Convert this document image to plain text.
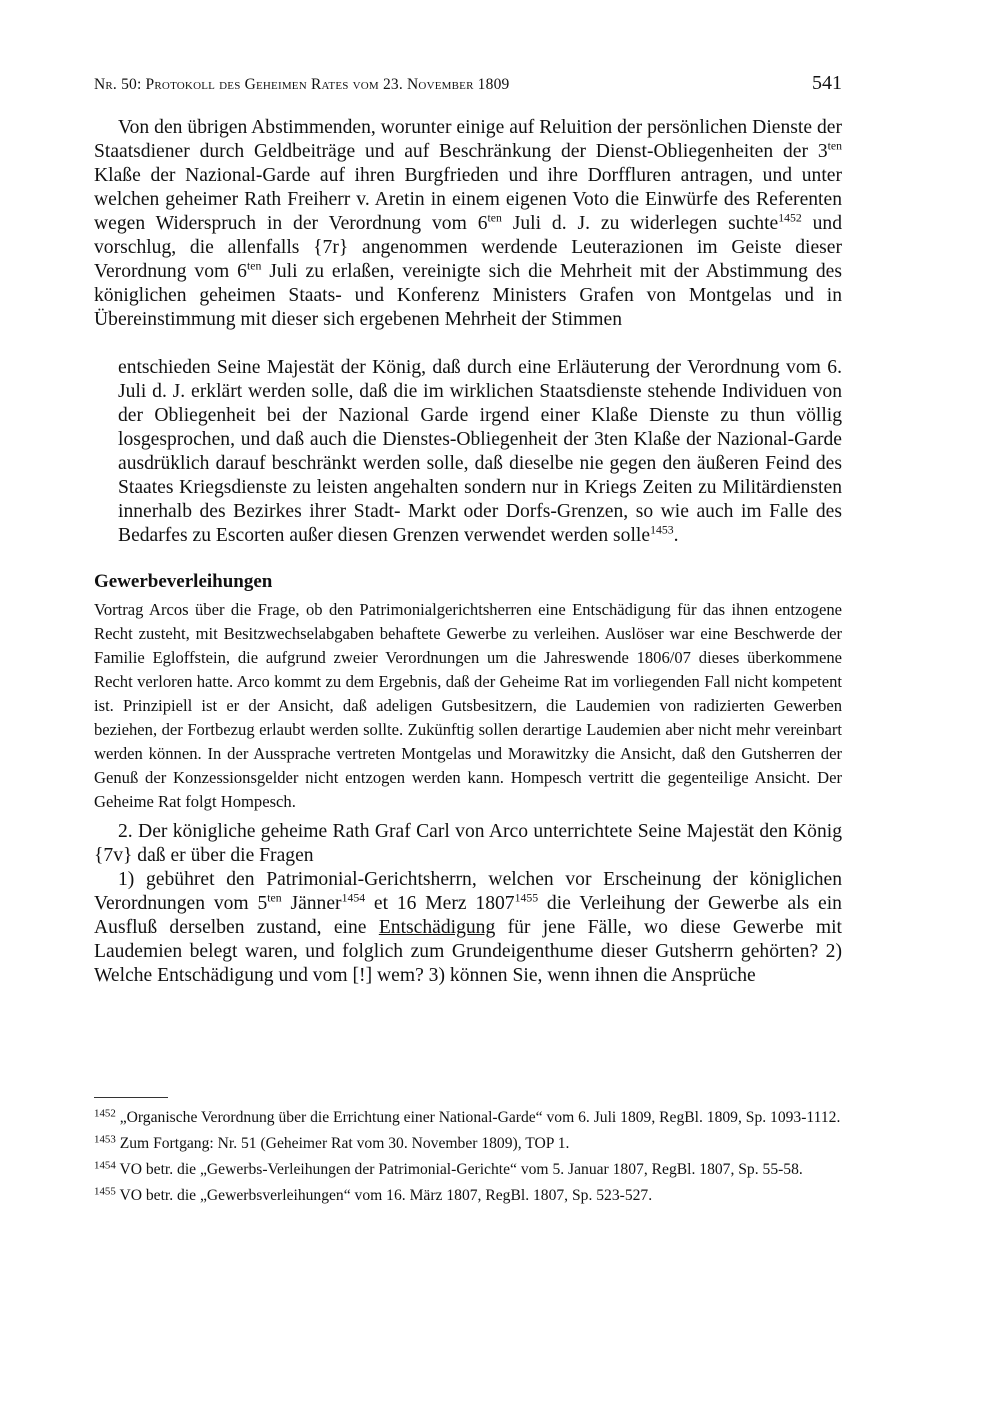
Nr. 50: Protokoll des Geheimen Rates vom 23. November 1809	541

Von den übrigen Abstimmenden, worunter einige auf Reluition der persönlichen Dienste der Staatsdiener durch Geldbeiträge und auf Beschränkung der Dienst-Obliegenheiten der $3^{ten}$ Klaße der Nazional-Garde auf ihren Burgfrieden und ihre Dorffluren antragen, und unter welchen geheimer Rath Freiherr v. Aretin in einem eigenen Voto die Einwürfe des Referenten wegen Widerspruch in der Verordnung vom $6^{ten}$ Juli d. J. zu widerlegen suchte$^{1452}$ und vorschlug, die allenfalls {7r} angenommen werdende Leuterazionen im Geiste dieser Verordnung vom $6^{ten}$ Juli zu erlaßen, vereinigte sich die Mehrheit mit der Abstimmung des königlichen geheimen Staats- und Konferenz Ministers Grafen von Montgelas und in Übereinstimmung mit dieser sich ergebenen Mehrheit der Stimmen

entschieden Seine Majestät der König, daß durch eine Erläuterung der Verordnung vom 6. Juli d. J. erklärt werden solle, daß die im wirklichen Staatsdienste stehende Individuen von der Obliegenheit bei der Nazional Garde irgend einer Klaße Dienste zu thun völlig losgesprochen, und daß auch die Dienstes-Obliegenheit der 3ten Klaße der Nazional-Garde ausdrüklich darauf beschränkt werden solle, daß dieselbe nie gegen den äußeren Feind des Staates Kriegsdienste zu leisten angehalten sondern nur in Kriegs Zeiten zu Militärdiensten innerhalb des Bezirkes ihrer Stadt- Markt oder Dorfs-Grenzen, so wie auch im Falle des Bedarfes zu Escorten außer diesen Grenzen verwendet werden solle$^{1453}$.

Gewerbeverleihungen

Vortrag Arcos über die Frage, ob den Patrimonialgerichtsherren eine Entschädigung für das ihnen entzogene Recht zusteht, mit Besitzwechselabgaben behaftete Gewerbe zu verleihen. Auslöser war eine Beschwerde der Familie Egloffstein, die aufgrund zweier Verordnungen um die Jahreswende 1806/07 dieses überkommene Recht verloren hatte. Arco kommt zu dem Ergebnis, daß der Geheime Rat im vorliegenden Fall nicht kompetent ist. Prinzipiell ist er der Ansicht, daß adeligen Gutsbesitzern, die Laudemien von radizierten Gewerben beziehen, der Fortbezug erlaubt werden sollte. Zukünftig sollen derartige Laudemien aber nicht mehr vereinbart werden können. In der Aussprache vertreten Montgelas und Morawitzky die Ansicht, daß den Gutsherren der Genuß der Konzessionsgelder nicht entzogen werden kann. Hompesch vertritt die gegenteilige Ansicht. Der Geheime Rat folgt Hompesch.

2. Der königliche geheime Rath Graf Carl von Arco unterrichtete Seine Majestät den König {7v} daß er über die Fragen

1) gebühret den Patrimonial-Gerichtsherrn, welchen vor Erscheinung der königlichen Verordnungen vom $5^{ten}$ Jänner$^{1454}$ et 16 Merz $1807^{1455}$ die Verleihung der Gewerbe als ein Ausfluß derselben zustand, eine Entschädigung für jene Fälle, wo diese Gewerbe mit Laudemien belegt waren, und folglich zum Grundeigenthume dieser Gutsherrn gehörten? 2) Welche Entschädigung und vom [!] wem? 3) können Sie, wenn ihnen die Ansprüche

$^{1452}$ „Organische Verordnung über die Errichtung einer National-Garde“ vom 6. Juli 1809, RegBl. 1809, Sp. 1093-1112.

$^{1453}$ Zum Fortgang: Nr. 51 (Geheimer Rat vom 30. November 1809), TOP 1.

$^{1454}$ VO betr. die „Gewerbs-Verleihungen der Patrimonial-Gerichte“ vom 5. Januar 1807, RegBl. 1807, Sp. 55-58.

$^{1455}$ VO betr. die „Gewerbsverleihungen“ vom 16. März 1807, RegBl. 1807, Sp. 523-527.
